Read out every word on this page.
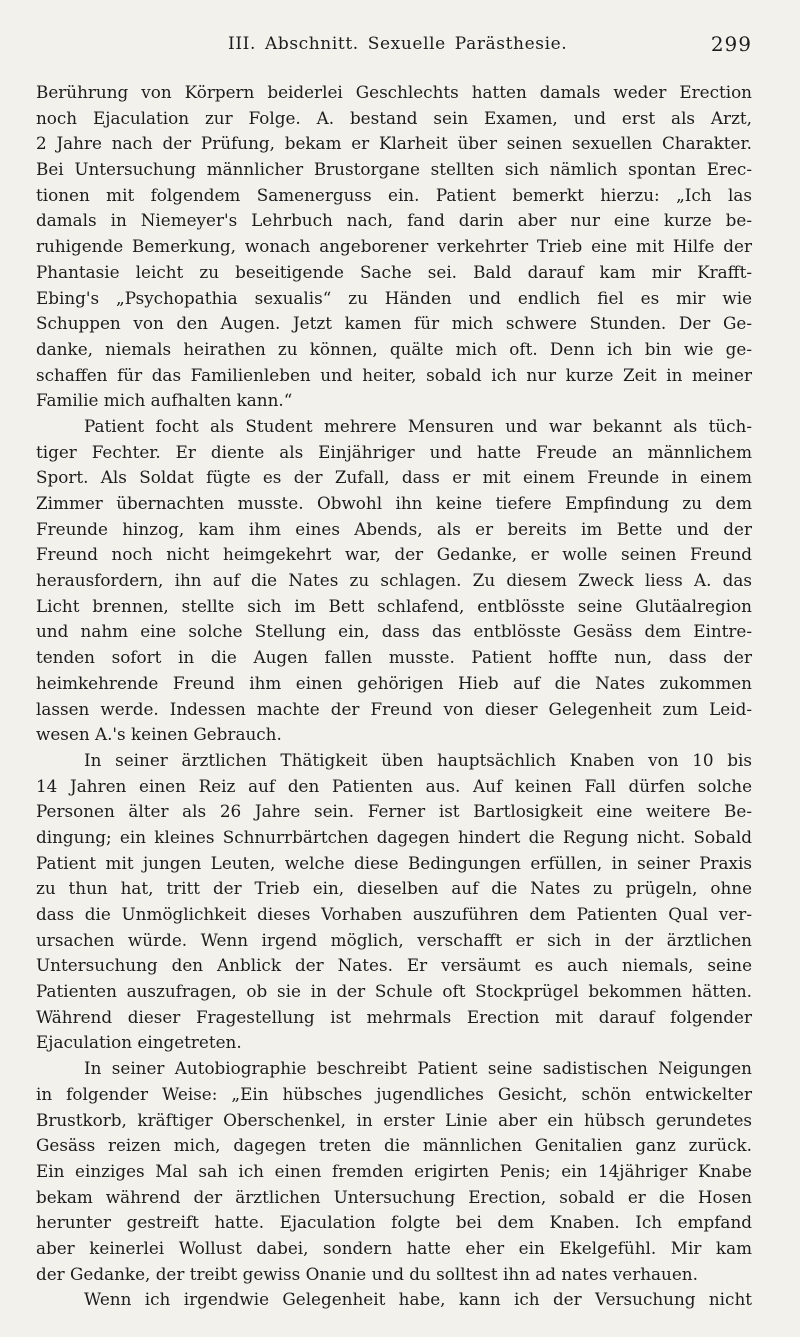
III. Abschnitt. Sexuelle Parästhesie.	299
Berührung von Körpern beiderlei Geschlechts hatten damals weder Erection
noch Ejaculation zur Folge. A. bestand sein Examen, und erst als Arzt,
2 Jahre nach der Prüfung, bekam er Klarheit über seinen sexuellen Charakter.
Bei Untersuchung männlicher Brustorgane stellten sich nämlich spontan Erec-
tionen mit folgendem Samenerguss ein. Patient bemerkt hierzu: „Ich las
damals in Niemeyer's Lehrbuch nach, fand darin aber nur eine kurze be-
ruhigende Bemerkung, wonach angeborener verkehrter Trieb eine mit Hilfe der
Phantasie leicht zu beseitigende Sache sei. Bald darauf kam mir Krafft-
Ebing's „Psychopathia sexualis“ zu Händen und endlich fiel es mir wie
Schuppen von den Augen. Jetzt kamen für mich schwere Stunden. Der Ge-
danke, niemals heirathen zu können, quälte mich oft. Denn ich bin wie ge-
schaffen für das Familienleben und heiter, sobald ich nur kurze Zeit in meiner
Familie mich aufhalten kann.“
Patient focht als Student mehrere Mensuren und war bekannt als tüch-
tiger Fechter. Er diente als Einjähriger und hatte Freude an männlichem
Sport. Als Soldat fügte es der Zufall, dass er mit einem Freunde in einem
Zimmer übernachten musste. Obwohl ihn keine tiefere Empfindung zu dem
Freunde hinzog, kam ihm eines Abends, als er bereits im Bette und der
Freund noch nicht heimgekehrt war, der Gedanke, er wolle seinen Freund
herausfordern, ihn auf die Nates zu schlagen. Zu diesem Zweck liess A. das
Licht brennen, stellte sich im Bett schlafend, entblösste seine Glutäalregion
und nahm eine solche Stellung ein, dass das entblösste Gesäss dem Eintre-
tenden sofort in die Augen fallen musste. Patient hoffte nun, dass der
heimkehrende Freund ihm einen gehörigen Hieb auf die Nates zukommen
lassen werde. Indessen machte der Freund von dieser Gelegenheit zum Leid-
wesen A.'s keinen Gebrauch.
In seiner ärztlichen Thätigkeit üben hauptsächlich Knaben von 10 bis
14 Jahren einen Reiz auf den Patienten aus. Auf keinen Fall dürfen solche
Personen älter als 26 Jahre sein. Ferner ist Bartlosigkeit eine weitere Be-
dingung; ein kleines Schnurrbärtchen dagegen hindert die Regung nicht. Sobald
Patient mit jungen Leuten, welche diese Bedingungen erfüllen, in seiner Praxis
zu thun hat, tritt der Trieb ein, dieselben auf die Nates zu prügeln, ohne
dass die Unmöglichkeit dieses Vorhaben auszuführen dem Patienten Qual ver-
ursachen würde. Wenn irgend möglich, verschafft er sich in der ärztlichen
Untersuchung den Anblick der Nates. Er versäumt es auch niemals, seine
Patienten auszufragen, ob sie in der Schule oft Stockprügel bekommen hätten.
Während dieser Fragestellung ist mehrmals Erection mit darauf folgender
Ejaculation eingetreten.
In seiner Autobiographie beschreibt Patient seine sadistischen Neigungen
in folgender Weise: „Ein hübsches jugendliches Gesicht, schön entwickelter
Brustkorb, kräftiger Oberschenkel, in erster Linie aber ein hübsch gerundetes
Gesäss reizen mich, dagegen treten die männlichen Genitalien ganz zurück.
Ein einziges Mal sah ich einen fremden erigirten Penis; ein 14jähriger Knabe
bekam während der ärztlichen Untersuchung Erection, sobald er die Hosen
herunter gestreift hatte. Ejaculation folgte bei dem Knaben. Ich empfand
aber keinerlei Wollust dabei, sondern hatte eher ein Ekelgefühl. Mir kam
der Gedanke, der treibt gewiss Onanie und du solltest ihn ad nates verhauen.
Wenn ich irgendwie Gelegenheit habe, kann ich der Versuchung nicht
